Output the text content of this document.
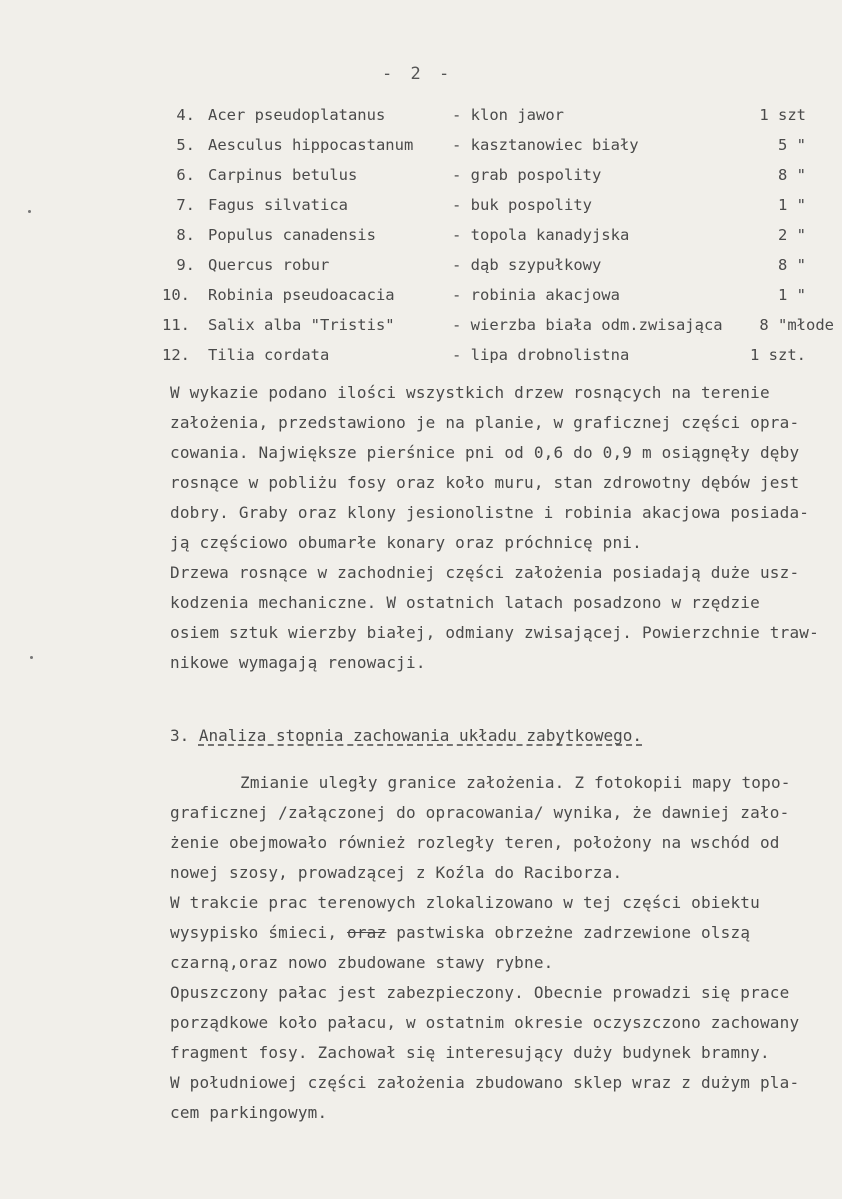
- 2 -
4. Acer pseudoplatanus	- klon jawor	1 szt
5. Aesculus hippocastanum - kasztanowiec biały	5 "
6. Carpinus betulus	- grab pospolity	8 "
7. Fagus silvatica	- buk pospolity	1 "
8. Populus canadensis	- topola kanadyjska	2 "
9. Quercus robur	- dąb szypułkowy	8 "
10. Robinia pseudoacacia	- robinia akacjowa	1 "
11. Salix alba "Tristis"	- wierzba biała odm.zwisająca 8 "młode
12. Tilia cordata	- lipa drobnolistna	1 szt.
W wykazie podano ilości wszystkich drzew rosnących na terenie
założenia, przedstawiono je na planie, w graficznej części opra-
cowania. Największe pierśnice pni od 0,6 do 0,9 m osiągnęły dęby
rosnące w pobliżu fosy oraz koło muru, stan zdrowotny dębów jest
dobry. Graby oraz klony jesionolistne i robinia akacjowa posiada-
ją częściowo obumarłe konary oraz próchnicę pni.
Drzewa rosnące w zachodniej części założenia posiadają duże usz-
kodzenia mechaniczne. W ostatnich latach posadzono w rzędzie
osiem sztuk wierzby białej, odmiany zwisającej. Powierzchnie traw-
nikowe wymagają renowacji.
3. Analiza stopnia zachowania układu zabytkowego.
Zmianie uległy granice założenia. Z fotokopii mapy topo-
graficznej /załączonej do opracowania/ wynika, że dawniej zało-
żenie obejmowało również rozległy teren, położony na wschód od
nowej szosy, prowadzącej z Koźla do Raciborza.
W trakcie prac terenowych zlokalizowano w tej części obiektu
wysypisko śmieci, oraz pastwiska obrzeżne zadrzewione olszą
czarną,oraz nowo zbudowane stawy rybne.
Opuszczony pałac jest zabezpieczony. Obecnie prowadzi się prace
porządkowe koło pałacu, w ostatnim okresie oczyszczono zachowany
fragment fosy. Zachował się interesujący duży budynek bramny.
W południowej części założenia zbudowano sklep wraz z dużym pla-
cem parkingowym.
